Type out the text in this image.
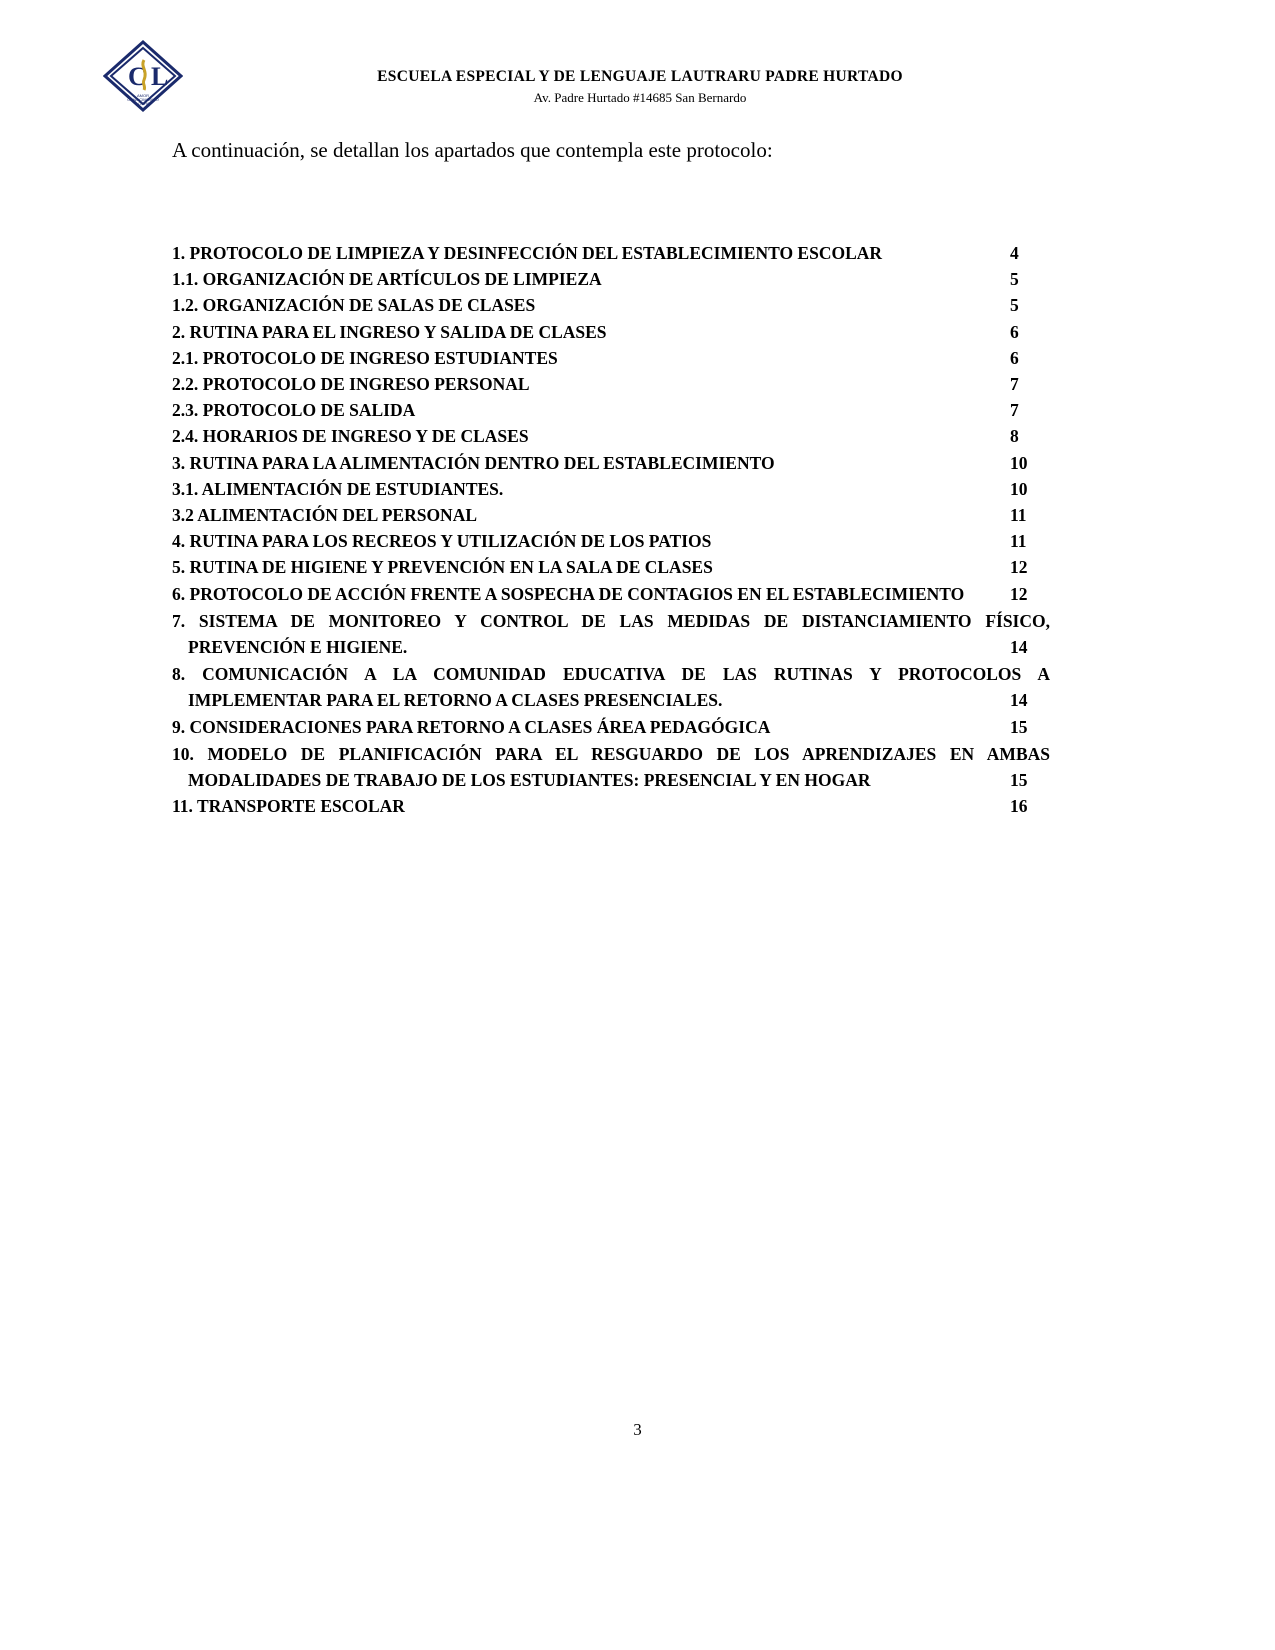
C L
AMOR
CONOCIMIENTO
LOGRO
ESCUELA ESPECIAL Y DE LENGUAJE LAUTRARU PADRE HURTADO
Av. Padre Hurtado #14685 San Bernardo
A continuación, se detallan los apartados que contempla este protocolo:
1. PROTOCOLO DE LIMPIEZA Y DESINFECCIÓN DEL ESTABLECIMIENTO ESCOLAR	4
1.1. ORGANIZACIÓN DE ARTÍCULOS DE LIMPIEZA	5
1.2. ORGANIZACIÓN DE SALAS DE CLASES	5
2. RUTINA PARA EL INGRESO Y SALIDA DE CLASES	6
2.1. PROTOCOLO DE INGRESO ESTUDIANTES	6
2.2. PROTOCOLO DE INGRESO PERSONAL	7
2.3. PROTOCOLO DE SALIDA	7
2.4. HORARIOS DE INGRESO Y DE CLASES	8
3. RUTINA PARA LA ALIMENTACIÓN DENTRO DEL ESTABLECIMIENTO	10
3.1. ALIMENTACIÓN DE ESTUDIANTES.	10
3.2 ALIMENTACIÓN DEL PERSONAL	11
4. RUTINA PARA LOS RECREOS Y UTILIZACIÓN DE LOS PATIOS	11
5. RUTINA DE HIGIENE Y PREVENCIÓN EN LA SALA DE CLASES	12
6. PROTOCOLO DE ACCIÓN FRENTE A SOSPECHA DE CONTAGIOS EN EL ESTABLECIMIENTO	12
7. SISTEMA DE MONITOREO Y CONTROL DE LAS MEDIDAS DE DISTANCIAMIENTO FÍSICO,
PREVENCIÓN E HIGIENE.	14
8. COMUNICACIÓN A LA COMUNIDAD EDUCATIVA DE LAS RUTINAS Y PROTOCOLOS A
IMPLEMENTAR PARA EL RETORNO A CLASES PRESENCIALES.	14
9. CONSIDERACIONES PARA RETORNO A CLASES ÁREA PEDAGÓGICA	15
10. MODELO DE PLANIFICACIÓN PARA EL RESGUARDO DE LOS APRENDIZAJES EN AMBAS
MODALIDADES DE TRABAJO DE LOS ESTUDIANTES: PRESENCIAL Y EN HOGAR	15
11. TRANSPORTE ESCOLAR	16
3
